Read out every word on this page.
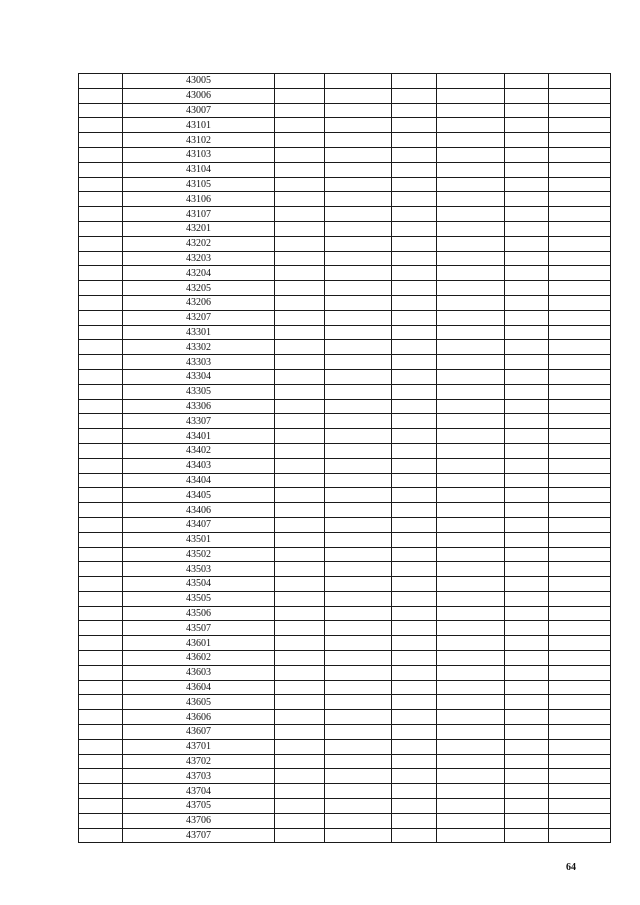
	43005						
	43006						
	43007						
	43101						
	43102						
	43103						
	43104						
	43105						
	43106						
	43107						
	43201						
	43202						
	43203						
	43204						
	43205						
	43206						
	43207						
	43301						
	43302						
	43303						
	43304						
	43305						
	43306						
	43307						
	43401						
	43402						
	43403						
	43404						
	43405						
	43406						
	43407						
	43501						
	43502						
	43503						
	43504						
	43505						
	43506						
	43507						
	43601						
	43602						
	43603						
	43604						
	43605						
	43606						
	43607						
	43701						
	43702						
	43703						
	43704						
	43705						
	43706						
	43707						
64
